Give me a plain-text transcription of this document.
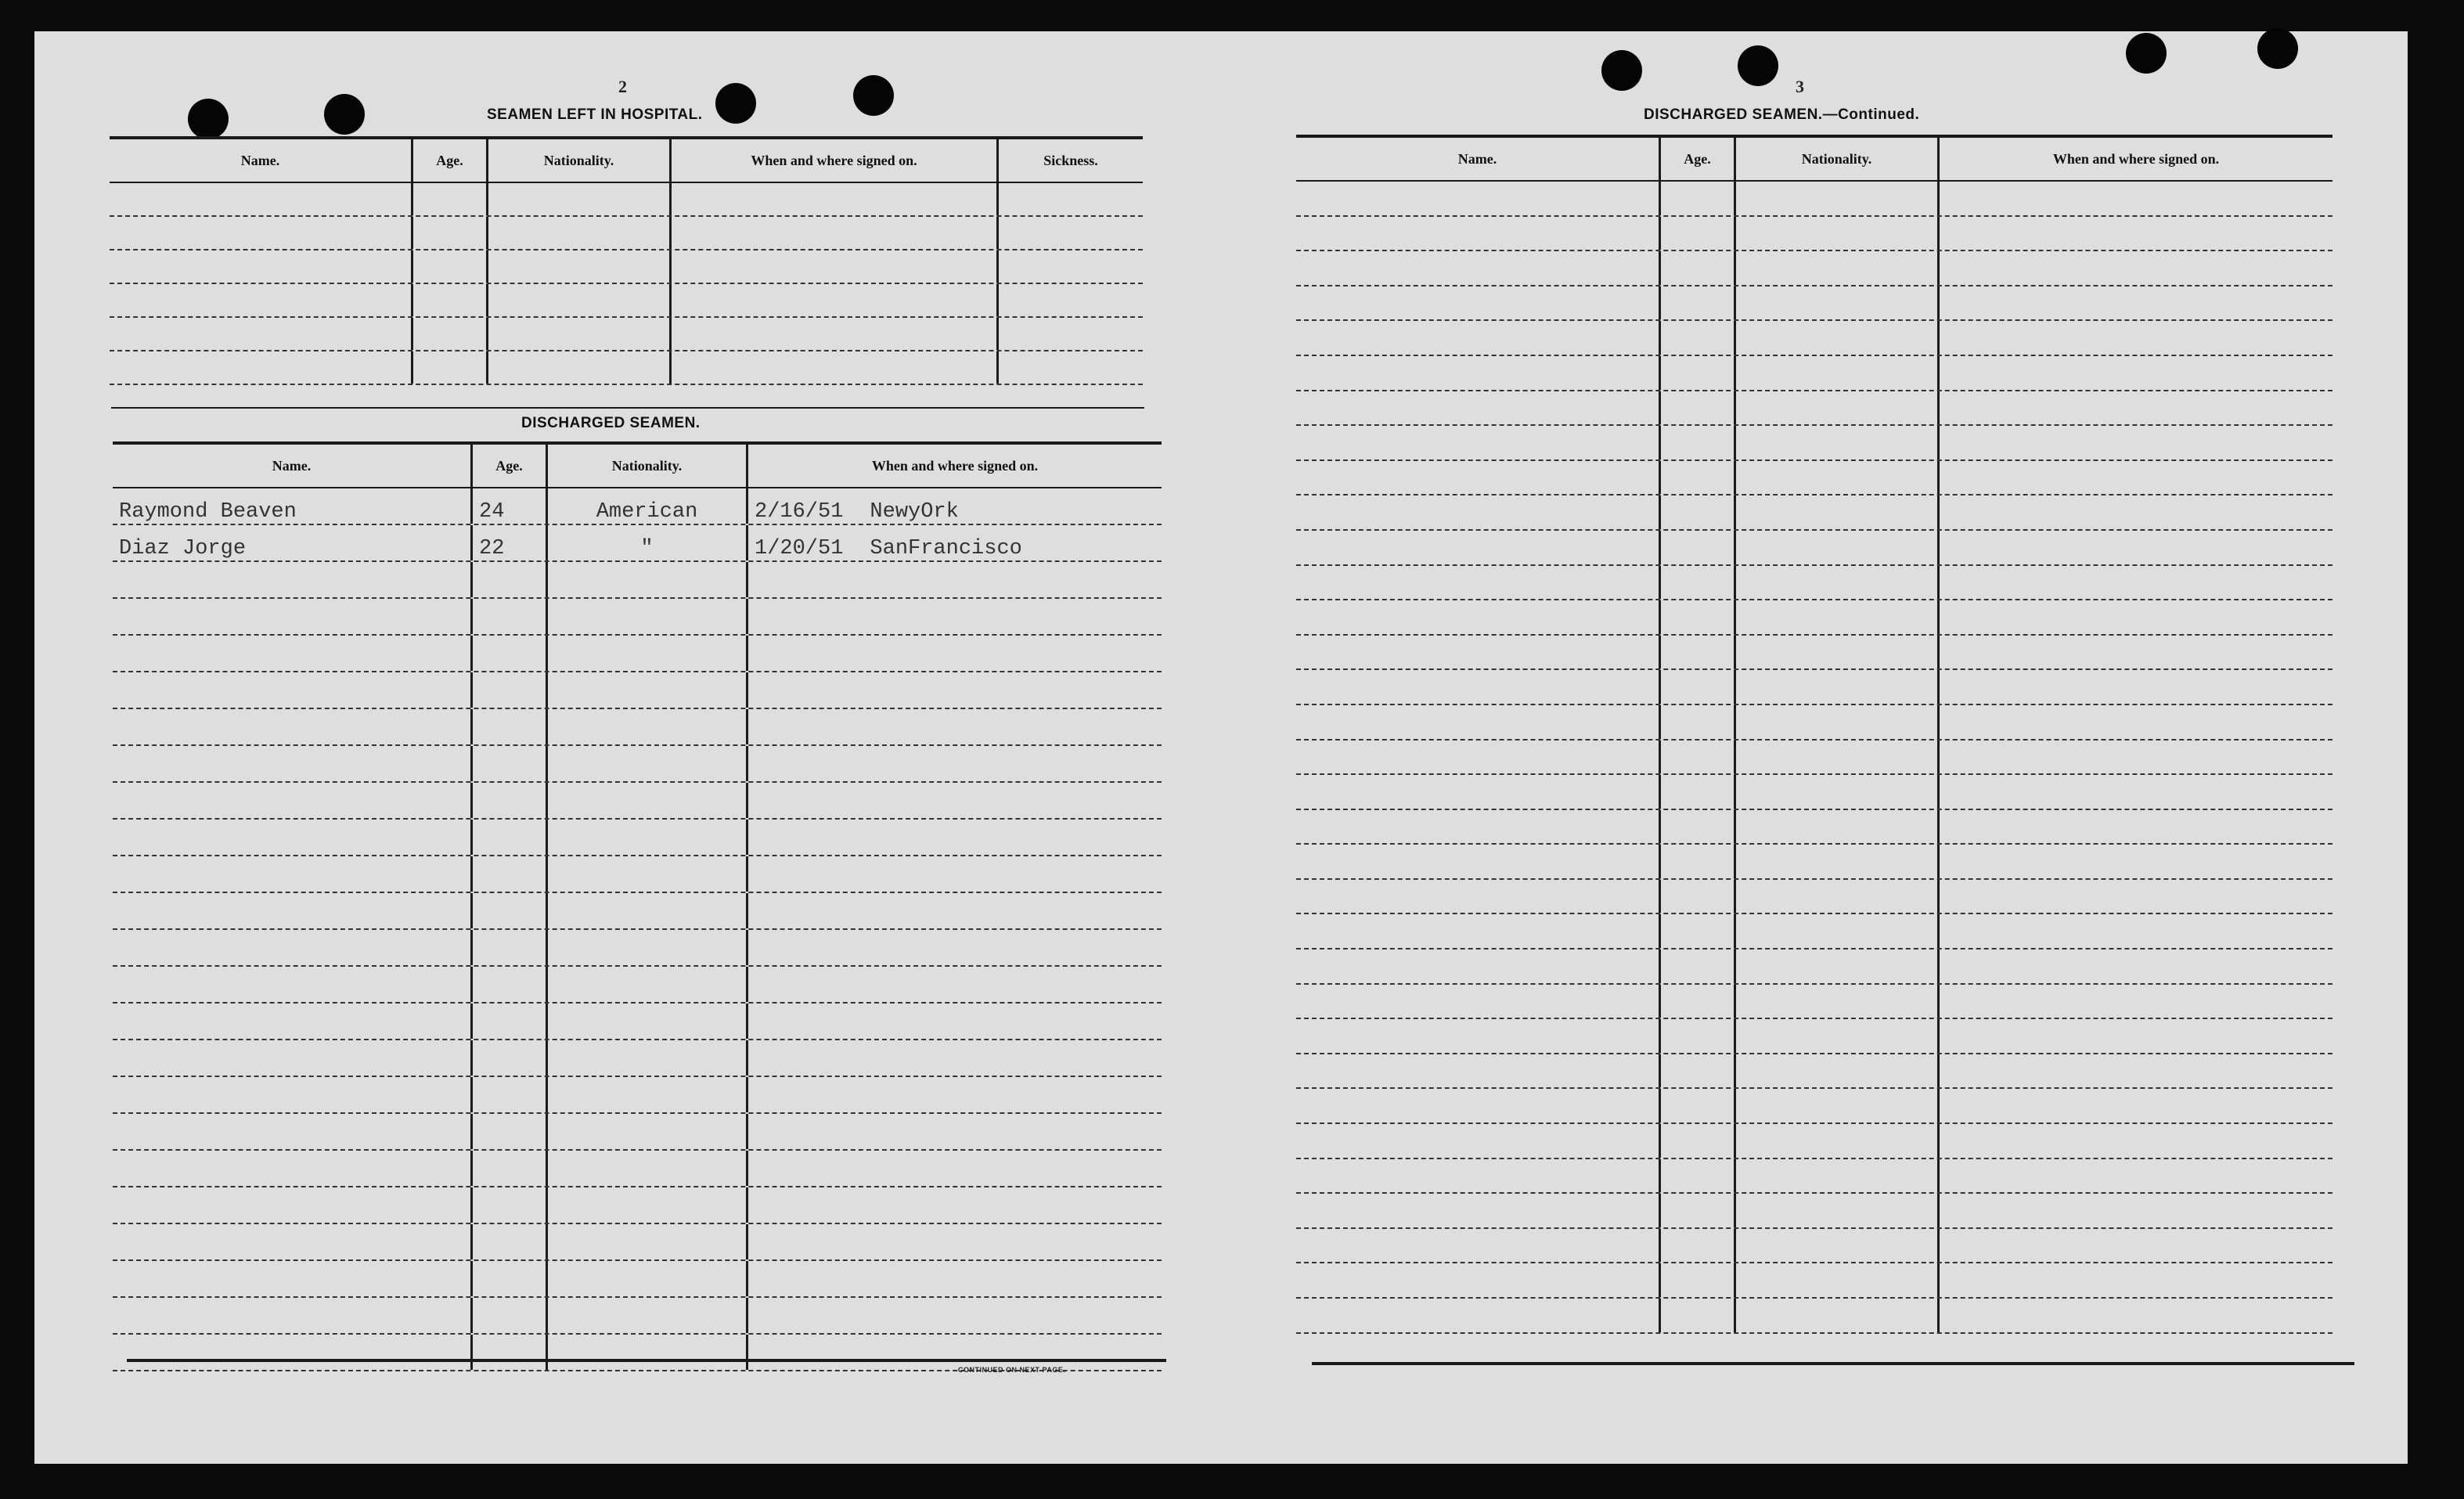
2
SEAMEN LEFT IN HOSPITAL.
Name.	Age.	Nationality.	When and where signed on.	Sickness.
DISCHARGED SEAMEN.
Name.	Age.	Nationality.	When and where signed on.
Raymond Beaven	24	American	2/16/51 NewyOrk
Diaz Jorge	22	"	1/20/51 SanFrancisco
CONTINUED ON NEXT PAGE.
3
DISCHARGED SEAMEN.—Continued.
Name.	Age.	Nationality.	When and where signed on.
